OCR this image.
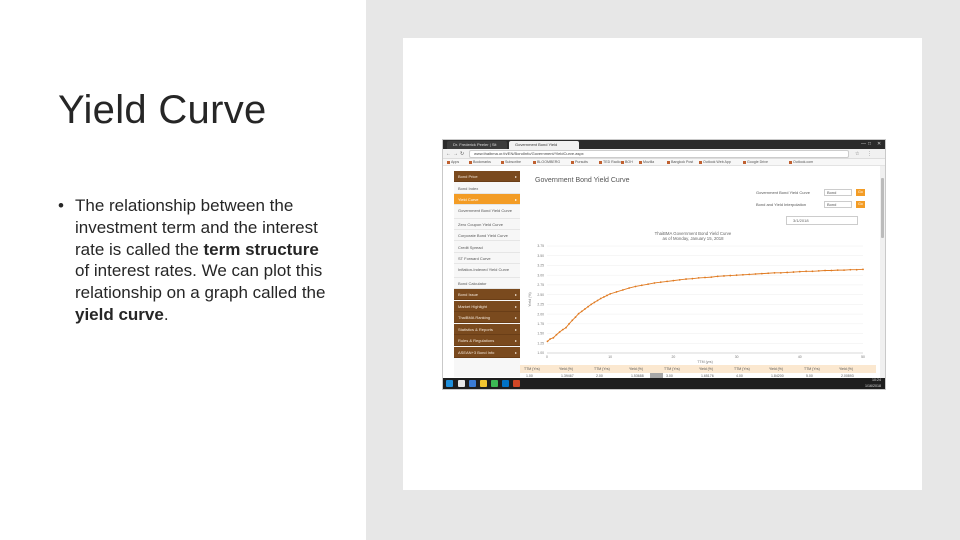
Yield Curve
• The relationship between the investment term and the interest rate is called the term structure of interest rates. We can plot this relationship on a graph called the yield curve.
Dr. Frederick Peeler | Sit	Government Bond Yield	— □ ✕
← → ↻	www.thaibma.or.th/EN/BondInfo/Government/YieldCurve.aspx	☆ ⋮
Apps	Bookmarks	Subscribe	BLOOMBERG	Pursuits	TED Radio	BOH	Mozilla	Bangkok Post	Outlook Web App	Google Drive	Outlook.com
Bond Price ▸
Bond Index
Yield Curve ▸
Government Bond Yield Curve
Zero Coupon Yield Curve
Corporate Bond Yield Curve
Credit Spread
ST Forward Curve
Inflation-Indexed Yield Curve
Bond Calculator
Bond Issue ▸
Market Highlight ▸
ThaiBMA Ranking ▸
Statistics & Reports ▸
Rules & Regulations ▸
ASEAN+3 Bond Info ▸
Government Bond Yield Curve
Government Bond Yield Curve	Bond	Go
Bond and Yield Interpolation	Bond	Go
3/1/2018
ThaiBMA Government Bond Yield Curve
as of Monday, January 15, 2018
1.00
1.25
1.50
1.75
2.00
2.25
2.50
2.75
3.00
3.25
3.50
3.75
0	10	20	30	40	50
Yield (%)
TTM (yrs)
TTM (Yrs)	Yield (%)	TTM (Yrs)	Yield (%)	TTM (Yrs)	Yield (%)	TTM (Yrs)	Yield (%)	TTM (Yrs)	Yield (%)
10:24
1/16/2018
1.00	1.39467	2.00	1.53688	3.00	1.65176	4.00	1.84200	5.00	2.00893
